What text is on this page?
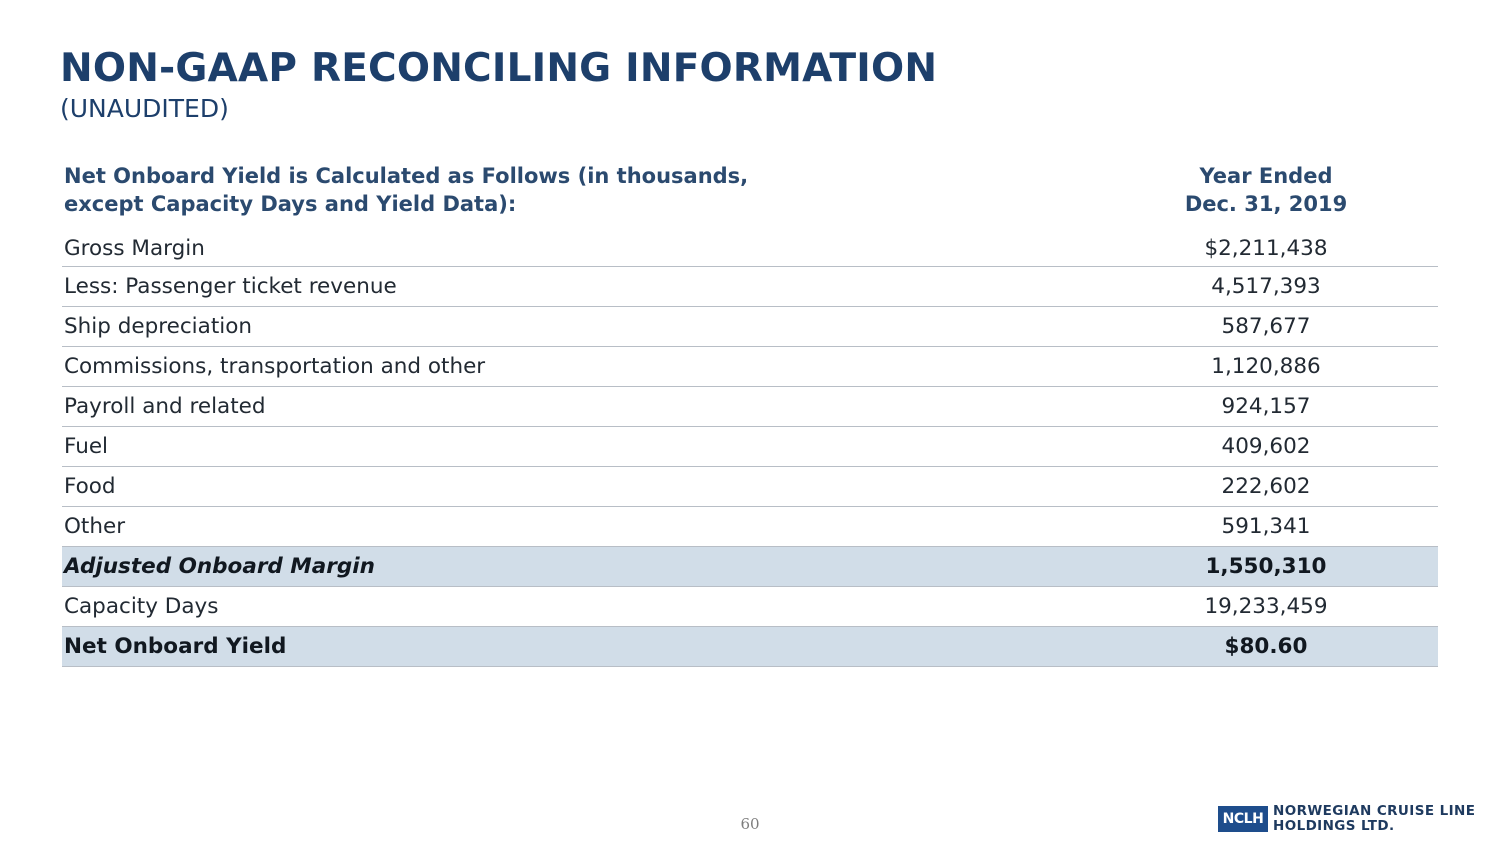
NON-GAAP RECONCILING INFORMATION
(UNAUDITED)
Net Onboard Yield is Calculated as Follows (in thousands,
except Capacity Days and Yield Data):
Year Ended
Dec. 31, 2019
Gross Margin	$2,211,438
Less: Passenger ticket revenue	4,517,393
Ship depreciation	587,677
Commissions, transportation and other	1,120,886
Payroll and related	924,157
Fuel	409,602
Food	222,602
Other	591,341
Adjusted Onboard Margin	1,550,310
Capacity Days	19,233,459
Net Onboard Yield	$80.60
60	NCLH NORWEGIAN CRUISE LINE
HOLDINGS LTD.
